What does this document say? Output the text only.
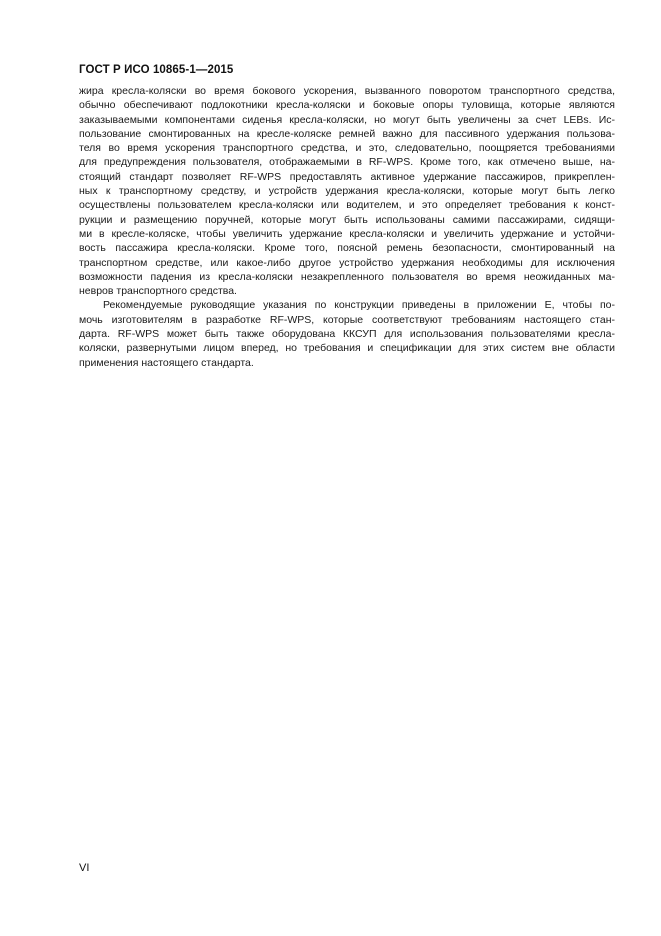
ГОСТ Р ИСО 10865-1—2015
жира кресла-коляски во время бокового ускорения, вызванного поворотом транспортного средства,
обычно обеспечивают подлокотники кресла-коляски и боковые опоры туловища, которые являются
заказываемыми компонентами сиденья кресла-коляски, но могут быть увеличены за счет LEBs. Ис-
пользование смонтированных на кресле-коляске ремней важно для пассивного удержания пользова-
теля во время ускорения транспортного средства, и это, следовательно, поощряется требованиями
для предупреждения пользователя, отображаемыми в RF-WPS. Кроме того, как отмечено выше, на-
стоящий стандарт позволяет RF-WPS предоставлять активное удержание пассажиров, прикреплен-
ных к транспортному средству, и устройств удержания кресла-коляски, которые могут быть легко
осуществлены пользователем кресла-коляски или водителем, и это определяет требования к конст-
рукции и размещению поручней, которые могут быть использованы самими пассажирами, сидящи-
ми в кресле-коляске, чтобы увеличить удержание кресла-коляски и увеличить удержание и устойчи-
вость пассажира кресла-коляски. Кроме того, поясной ремень безопасности, смонтированный на
транспортном средстве, или какое-либо другое устройство удержания необходимы для исключения
возможности падения из кресла-коляски незакрепленного пользователя во время неожиданных ма-
невров транспортного средства.
Рекомендуемые руководящие указания по конструкции приведены в приложении Е, чтобы по-
мочь изготовителям в разработке RF-WPS, которые соответствуют требованиям настоящего стан-
дарта. RF-WPS может быть также оборудована ККСУП для использования пользователями кресла-
коляски, развернутыми лицом вперед, но требования и спецификации для этих систем вне области
применения настоящего стандарта.
VI
